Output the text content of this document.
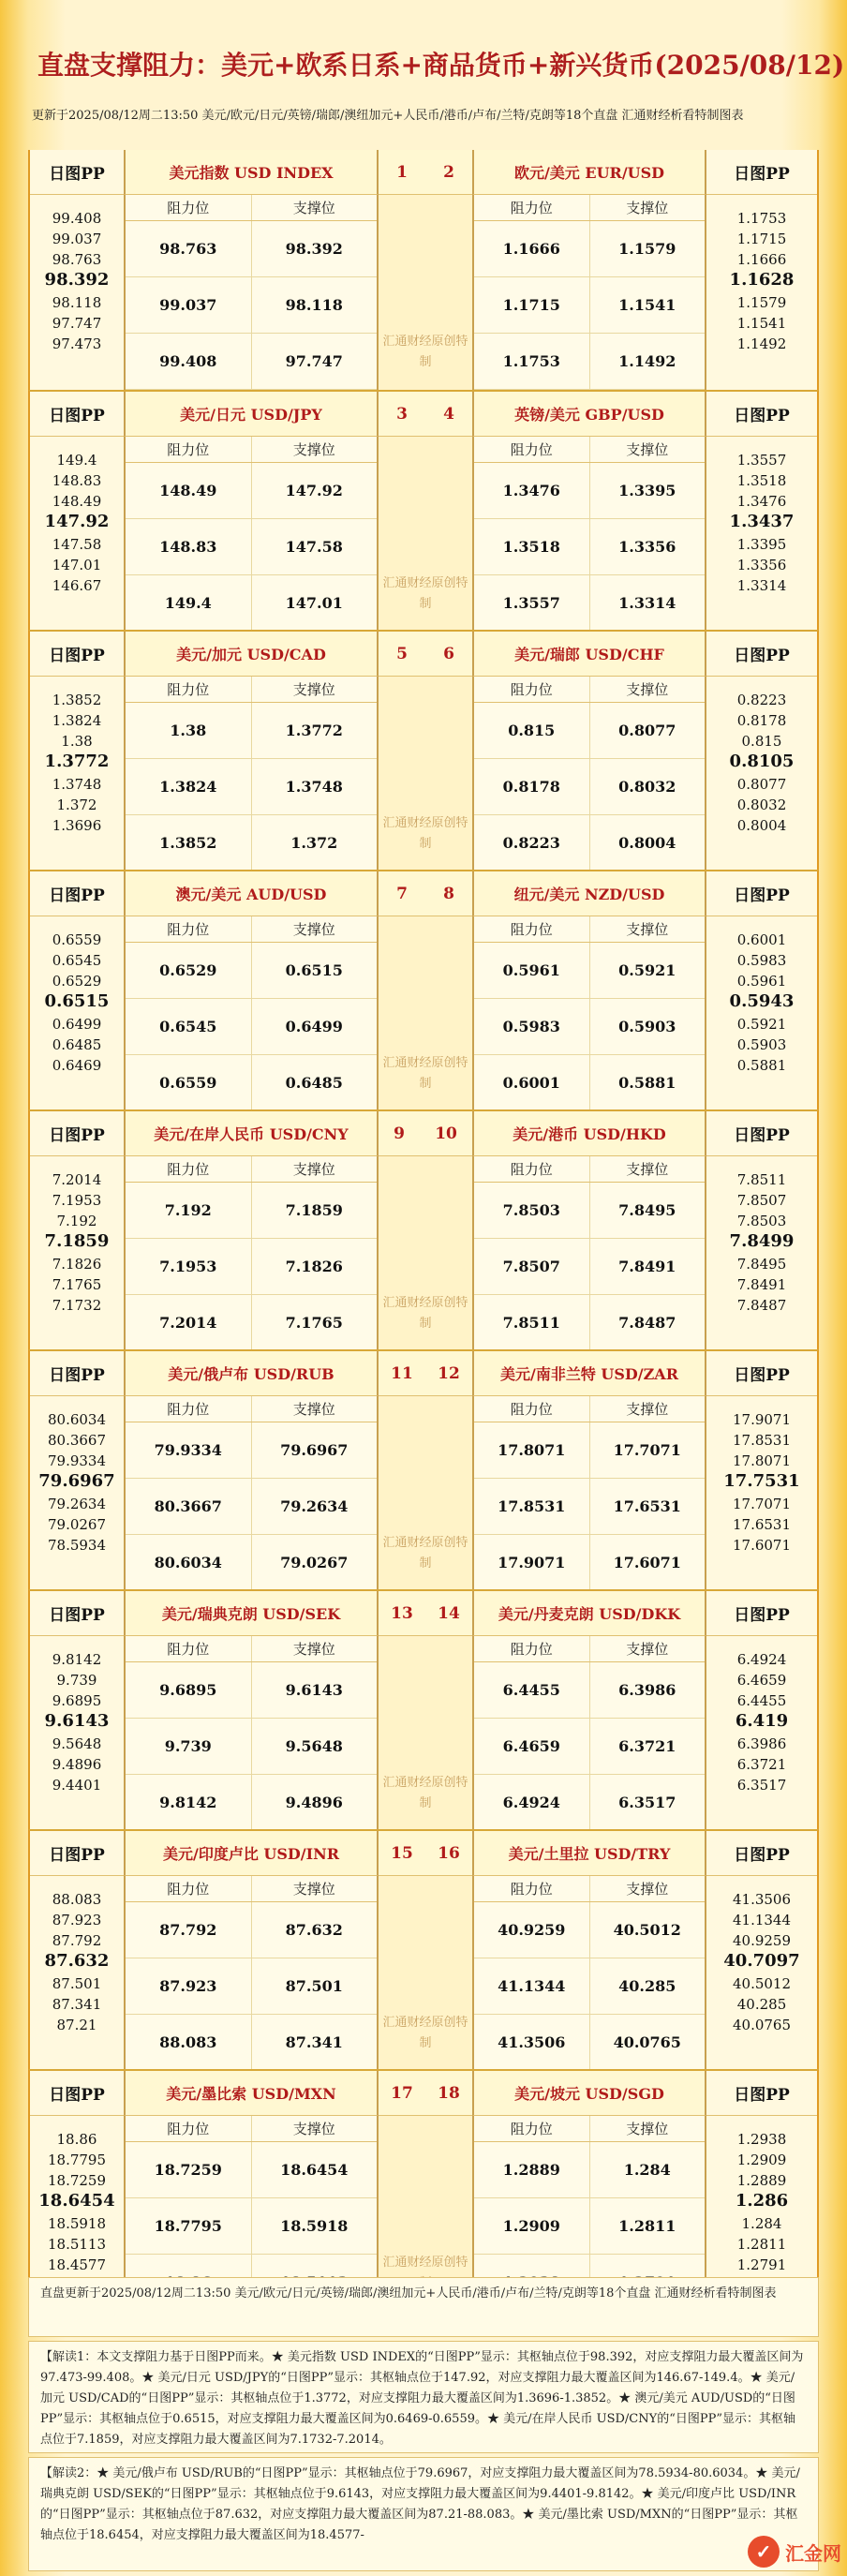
直盘支撑阻力：美元+欧系日系+商品货币+新兴货币(2025/08/12)
更新于2025/08/12周二13:50 美元/欧元/日元/英镑/瑞郎/澳纽加元+人民币/港币/卢布/兰特/克朗等18个直盘 汇通财经析看特制图表
日图PP
99.408
99.037
98.763
98.392
98.118
97.747
97.473
美元指数 USD INDEX	1 2	欧元/美元 EUR/USD
阻力位	支撑位
98.763	98.392
99.037	98.118
99.408	97.747
汇通财经原创特制
阻力位	支撑位
1.1666	1.1579
1.1715	1.1541
1.1753	1.1492
日图PP
1.1753
1.1715
1.1666
1.1628
1.1579
1.1541
1.1492
日图PP
149.4
148.83
148.49
147.92
147.58
147.01
146.67
美元/日元 USD/JPY	3 4	英镑/美元 GBP/USD
阻力位	支撑位
148.49	147.92
148.83	147.58
149.4	147.01
汇通财经原创特制
阻力位	支撑位
1.3476	1.3395
1.3518	1.3356
1.3557	1.3314
日图PP
1.3557
1.3518
1.3476
1.3437
1.3395
1.3356
1.3314
日图PP
1.3852
1.3824
1.38
1.3772
1.3748
1.372
1.3696
美元/加元 USD/CAD	5 6	美元/瑞郎 USD/CHF
阻力位	支撑位
1.38	1.3772
1.3824	1.3748
1.3852	1.372
汇通财经原创特制
阻力位	支撑位
0.815	0.8077
0.8178	0.8032
0.8223	0.8004
日图PP
0.8223
0.8178
0.815
0.8105
0.8077
0.8032
0.8004
日图PP
0.6559
0.6545
0.6529
0.6515
0.6499
0.6485
0.6469
澳元/美元 AUD/USD	7 8	纽元/美元 NZD/USD
阻力位	支撑位
0.6529	0.6515
0.6545	0.6499
0.6559	0.6485
汇通财经原创特制
阻力位	支撑位
0.5961	0.5921
0.5983	0.5903
0.6001	0.5881
日图PP
0.6001
0.5983
0.5961
0.5943
0.5921
0.5903
0.5881
日图PP
7.2014
7.1953
7.192
7.1859
7.1826
7.1765
7.1732
美元/在岸人民币 USD/CNY	9 10	美元/港币 USD/HKD
阻力位	支撑位
7.192	7.1859
7.1953	7.1826
7.2014	7.1765
汇通财经原创特制
阻力位	支撑位
7.8503	7.8495
7.8507	7.8491
7.8511	7.8487
日图PP
7.8511
7.8507
7.8503
7.8499
7.8495
7.8491
7.8487
日图PP
80.6034
80.3667
79.9334
79.6967
79.2634
79.0267
78.5934
美元/俄卢布 USD/RUB	11 12	美元/南非兰特 USD/ZAR
阻力位	支撑位
79.9334	79.6967
80.3667	79.2634
80.6034	79.0267
汇通财经原创特制
阻力位	支撑位
17.8071	17.7071
17.8531	17.6531
17.9071	17.6071
日图PP
17.9071
17.8531
17.8071
17.7531
17.7071
17.6531
17.6071
日图PP
9.8142
9.739
9.6895
9.6143
9.5648
9.4896
9.4401
美元/瑞典克朗 USD/SEK	13 14	美元/丹麦克朗 USD/DKK
阻力位	支撑位
9.6895	9.6143
9.739	9.5648
9.8142	9.4896
汇通财经原创特制
阻力位	支撑位
6.4455	6.3986
6.4659	6.3721
6.4924	6.3517
日图PP
6.4924
6.4659
6.4455
6.419
6.3986
6.3721
6.3517
日图PP
88.083
87.923
87.792
87.632
87.501
87.341
87.21
美元/印度卢比 USD/INR	15 16	美元/土里拉 USD/TRY
阻力位	支撑位
87.792	87.632
87.923	87.501
88.083	87.341
汇通财经原创特制
阻力位	支撑位
40.9259	40.5012
41.1344	40.285
41.3506	40.0765
日图PP
41.3506
41.1344
40.9259
40.7097
40.5012
40.285
40.0765
日图PP
18.86
18.7795
18.7259
18.6454
18.5918
18.5113
18.4577
美元/墨比索 USD/MXN	17 18	美元/坡元 USD/SGD
阻力位	支撑位
18.7259	18.6454
18.7795	18.5918
汇通财经原创特
阻力位	支撑位
1.2889	1.284
1.2909	1.2811
日图PP
1.2938
1.2909
1.2889
1.286
1.284
1.2811
1.2791
直盘更新于2025/08/12周二13:50 美元/欧元/日元/英镑/瑞郎/澳纽加元+人民币/港币/卢布/兰特/克朗等18个直盘 汇通财经析看特制图表
【解读1：本文支撑阻力基于日图PP而来。★ 美元指数 USD INDEX的“日图PP”显示：其枢轴点位于98.392，对应支撑阻力最大覆盖区间为97.473-99.408。★ 美元/日元 USD/JPY的“日图PP”显示：其枢轴点位于147.92，对应支撑阻力最大覆盖区间为146.67-149.4。★ 美元/加元 USD/CAD的“日图PP”显示：其枢轴点位于1.3772，对应支撑阻力最大覆盖区间为1.3696-1.3852。★ 澳元/美元 AUD/USD的“日图PP”显示：其枢轴点位于0.6515，对应支撑阻力最大覆盖区间为0.6469-0.6559。★ 美元/在岸人民币 USD/CNY的“日图PP”显示：其枢轴点位于7.1859，对应支撑阻力最大覆盖区间为7.1732-7.2014。
【解读2：★ 美元/俄卢布 USD/RUB的“日图PP”显示：其枢轴点位于79.6967，对应支撑阻力最大覆盖区间为78.5934-80.6034。★ 美元/瑞典克朗 USD/SEK的“日图PP”显示：其枢轴点位于9.6143，对应支撑阻力最大覆盖区间为9.4401-9.8142。★ 美元/印度卢比 USD/INR的“日图PP”显示：其枢轴点位于87.632，对应支撑阻力最大覆盖区间为87.21-88.083。★ 美元/墨比索 USD/MXN的“日图PP”显示：其枢轴点位于18.6454，对应支撑阻力最大覆盖区间为18.4577-
✓ 汇金网
